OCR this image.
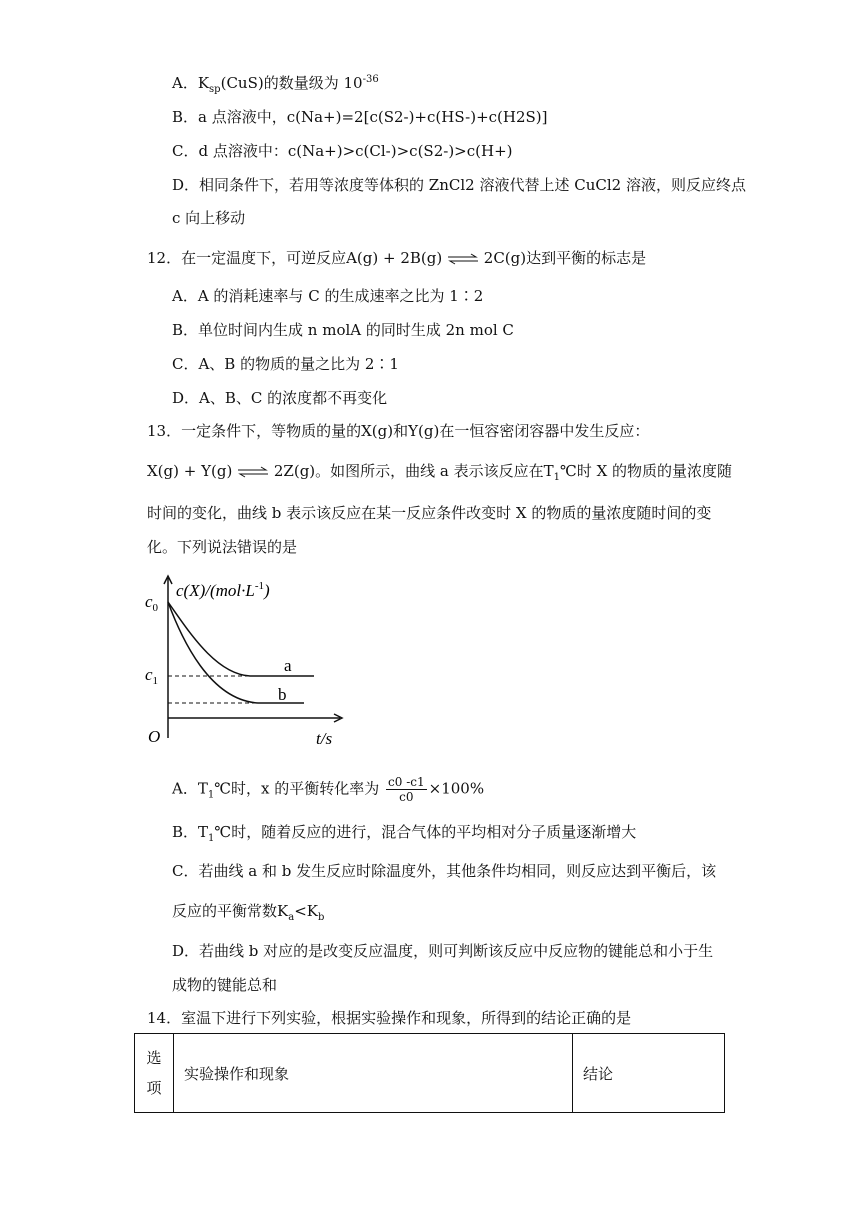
A．$K_{sp}(CuS)$的数量级为 $10^{-36}$
B．a 点溶液中，c(Na+)=2[c(S2-)+c(HS-)+c(H2S)]
C．d 点溶液中：c(Na+)>c(Cl-)>c(S2-)>c(H+)
D．相同条件下，若用等浓度等体积的 ZnCl2 溶液代替上述 CuCl2 溶液，则反应终点
c 向上移动
12．在一定温度下，可逆反应A(g) + 2B(g) ⇌ 2C(g)达到平衡的标志是
A．A 的消耗速率与 C 的生成速率之比为 1∶2
B．单位时间内生成 n molA 的同时生成 2n mol C
C．A、B 的物质的量之比为 2∶1
D．A、B、C 的浓度都不再变化
13．一定条件下，等物质的量的X(g)和Y(g)在一恒容密闭容器中发生反应：
X(g) + Y(g) ⇌ 2Z(g)。如图所示，曲线 a 表示该反应在$T_1℃$时 X 的物质的量浓度随
时间的变化，曲线 b 表示该反应在某一反应条件改变时 X 的物质的量浓度随时间的变
化。下列说法错误的是
$c(X)/(mol\cdot L^{-1})$
$c_0$
$c_1$
O	t/s
a
b
A．$T_1℃$时，x 的平衡转化率为 $\frac{c0 -c1}{c0} \times 100\%$
B．$T_1℃$时，随着反应的进行，混合气体的平均相对分子质量逐渐增大
C．若曲线 a 和 b 发生反应时除温度外，其他条件均相同，则反应达到平衡后，该
反应的平衡常数$K_a<K_b$
D．若曲线 b 对应的是改变反应温度，则可判断该反应中反应物的键能总和小于生
成物的键能总和
14．室温下进行下列实验，根据实验操作和现象，所得到的结论正确的是
选
项	实验操作和现象	结论
